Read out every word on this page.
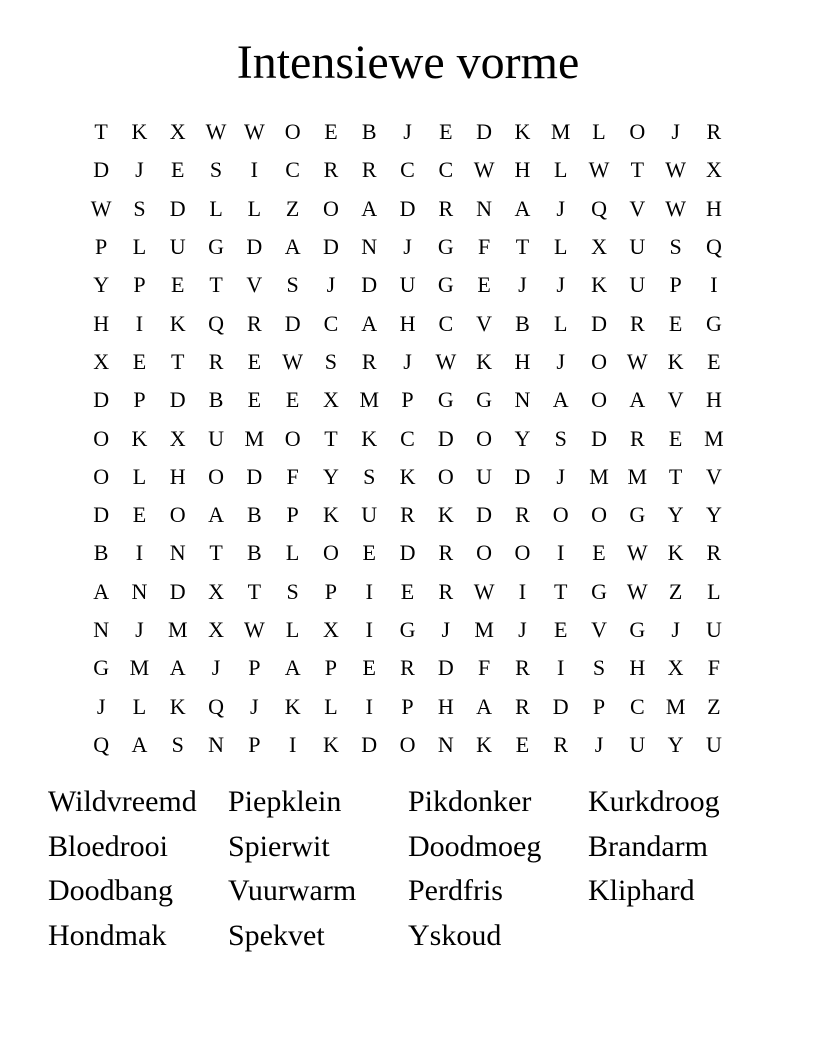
Intensiewe vorme
T	K	X W W O	E	B	J	E	D	K M L	O	J	R
D	J	E	S	I	C	R	R	C	C W H	L W T W X
W S	D	L	L	Z	O	A	D	R	N	A	J	Q	V W H
P	L	U	G	D	A	D	N	J	G	F	T	L	X	U	S	Q
Y	P	E	T	V	S	J	D	U	G	E	J	J	K	U	P	I
H	I	K	Q	R	D	C	A	H	C	V	B	L	D	R	E	G
X	E	T	R	E W S	R	J	W K	H	J	O W K	E
D	P	D	B	E	E	X M	P	G	G	N	A	O	A	V	H
O	K	X	U M O	T	K	C	D	O	Y	S	D	R	E M
O	L	H	O	D	F	Y	S	K	O	U	D	J	M M T	V
D	E	O	A	B	P	K	U	R	K	D	R	O	O	G	Y	Y
B	I	N	T	B	L	O	E	D	R	O	O	I	E W K	R
A	N	D	X	T	S	P	I	E	R W	I	T	G W Z	L
N	J	M X W L	X	I	G	J	M	J	E	V	G	J	U
G M A	J	P	A	P	E	R	D	F	R	I	S	H	X	F
J	L	K	Q	J	K	L	I	P	H	A	R	D	P	C M Z
Q	A	S	N	P	I	K	D	O	N	K	E	R	J	U	Y	U
Wildvreemd	Piepklein	Pikdonker	Kurkdroog
Bloedrooi	Spierwit	Doodmoeg	Brandarm
Doodbang	Vuurwarm	Perdfris	Kliphard
Hondmak	Spekvet	Yskoud
